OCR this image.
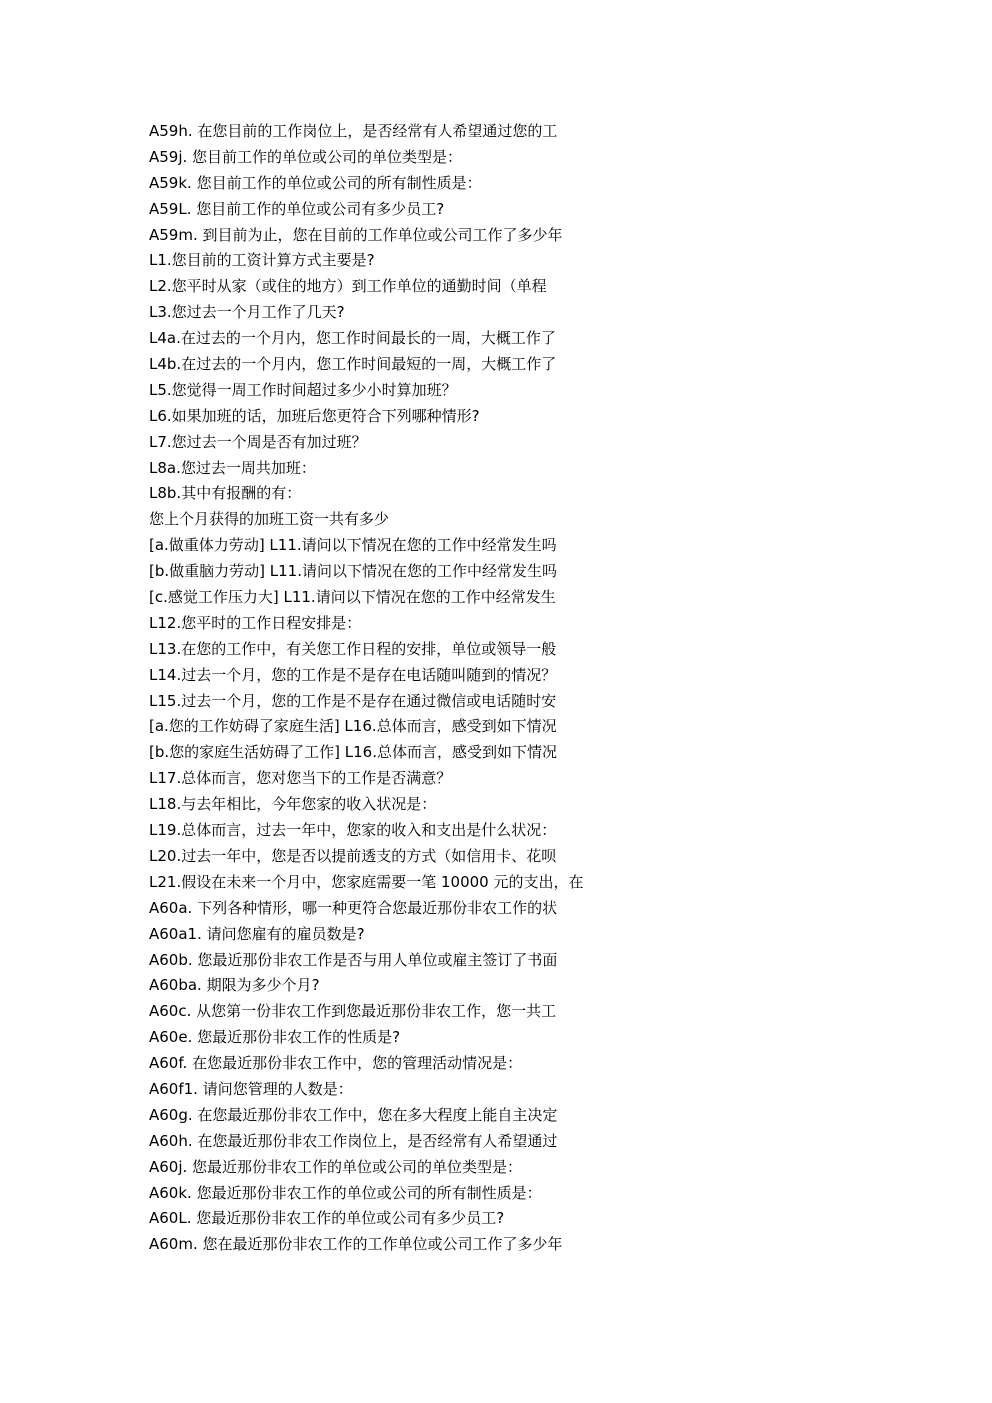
A59h. 在您目前的工作岗位上，是否经常有人希望通过您的工
A59j. 您目前工作的单位或公司的单位类型是：
A59k. 您目前工作的单位或公司的所有制性质是：
A59L. 您目前工作的单位或公司有多少员工?
A59m. 到目前为止，您在目前的工作单位或公司工作了多少年
L1.您目前的工资计算方式主要是?
L2.您平时从家（或住的地方）到工作单位的通勤时间（单程
L3.您过去一个月工作了几天?
L4a.在过去的一个月内，您工作时间最长的一周，大概工作了
L4b.在过去的一个月内，您工作时间最短的一周，大概工作了
L5.您觉得一周工作时间超过多少小时算加班？
L6.如果加班的话，加班后您更符合下列哪种情形?
L7.您过去一个周是否有加过班？
L8a.您过去一周共加班：
L8b.其中有报酬的有：
您上个月获得的加班工资一共有多少
[a.做重体力劳动] L11.请问以下情况在您的工作中经常发生吗
[b.做重脑力劳动] L11.请问以下情况在您的工作中经常发生吗
[c.感觉工作压力大] L11.请问以下情况在您的工作中经常发生
L12.您平时的工作日程安排是：
L13.在您的工作中，有关您工作日程的安排，单位或领导一般
L14.过去一个月，您的工作是不是存在电话随叫随到的情况？
L15.过去一个月，您的工作是不是存在通过微信或电话随时安
[a.您的工作妨碍了家庭生活] L16.总体而言，感受到如下情况
[b.您的家庭生活妨碍了工作] L16.总体而言，感受到如下情况
L17.总体而言，您对您当下的工作是否满意？
L18.与去年相比，今年您家的收入状况是：
L19.总体而言，过去一年中，您家的收入和支出是什么状况：
L20.过去一年中，您是否以提前透支的方式（如信用卡、花呗
L21.假设在未来一个月中，您家庭需要一笔 10000 元的支出，在
A60a. 下列各种情形，哪一种更符合您最近那份非农工作的状
A60a1. 请问您雇有的雇员数是?
A60b. 您最近那份非农工作是否与用人单位或雇主签订了书面
A60ba. 期限为多少个月?
A60c. 从您第一份非农工作到您最近那份非农工作，您一共工
A60e. 您最近那份非农工作的性质是?
A60f. 在您最近那份非农工作中，您的管理活动情况是：
A60f1. 请问您管理的人数是：
A60g. 在您最近那份非农工作中，您在多大程度上能自主决定
A60h. 在您最近那份非农工作岗位上，是否经常有人希望通过
A60j. 您最近那份非农工作的单位或公司的单位类型是：
A60k. 您最近那份非农工作的单位或公司的所有制性质是：
A60L. 您最近那份非农工作的单位或公司有多少员工?
A60m. 您在最近那份非农工作的工作单位或公司工作了多少年
